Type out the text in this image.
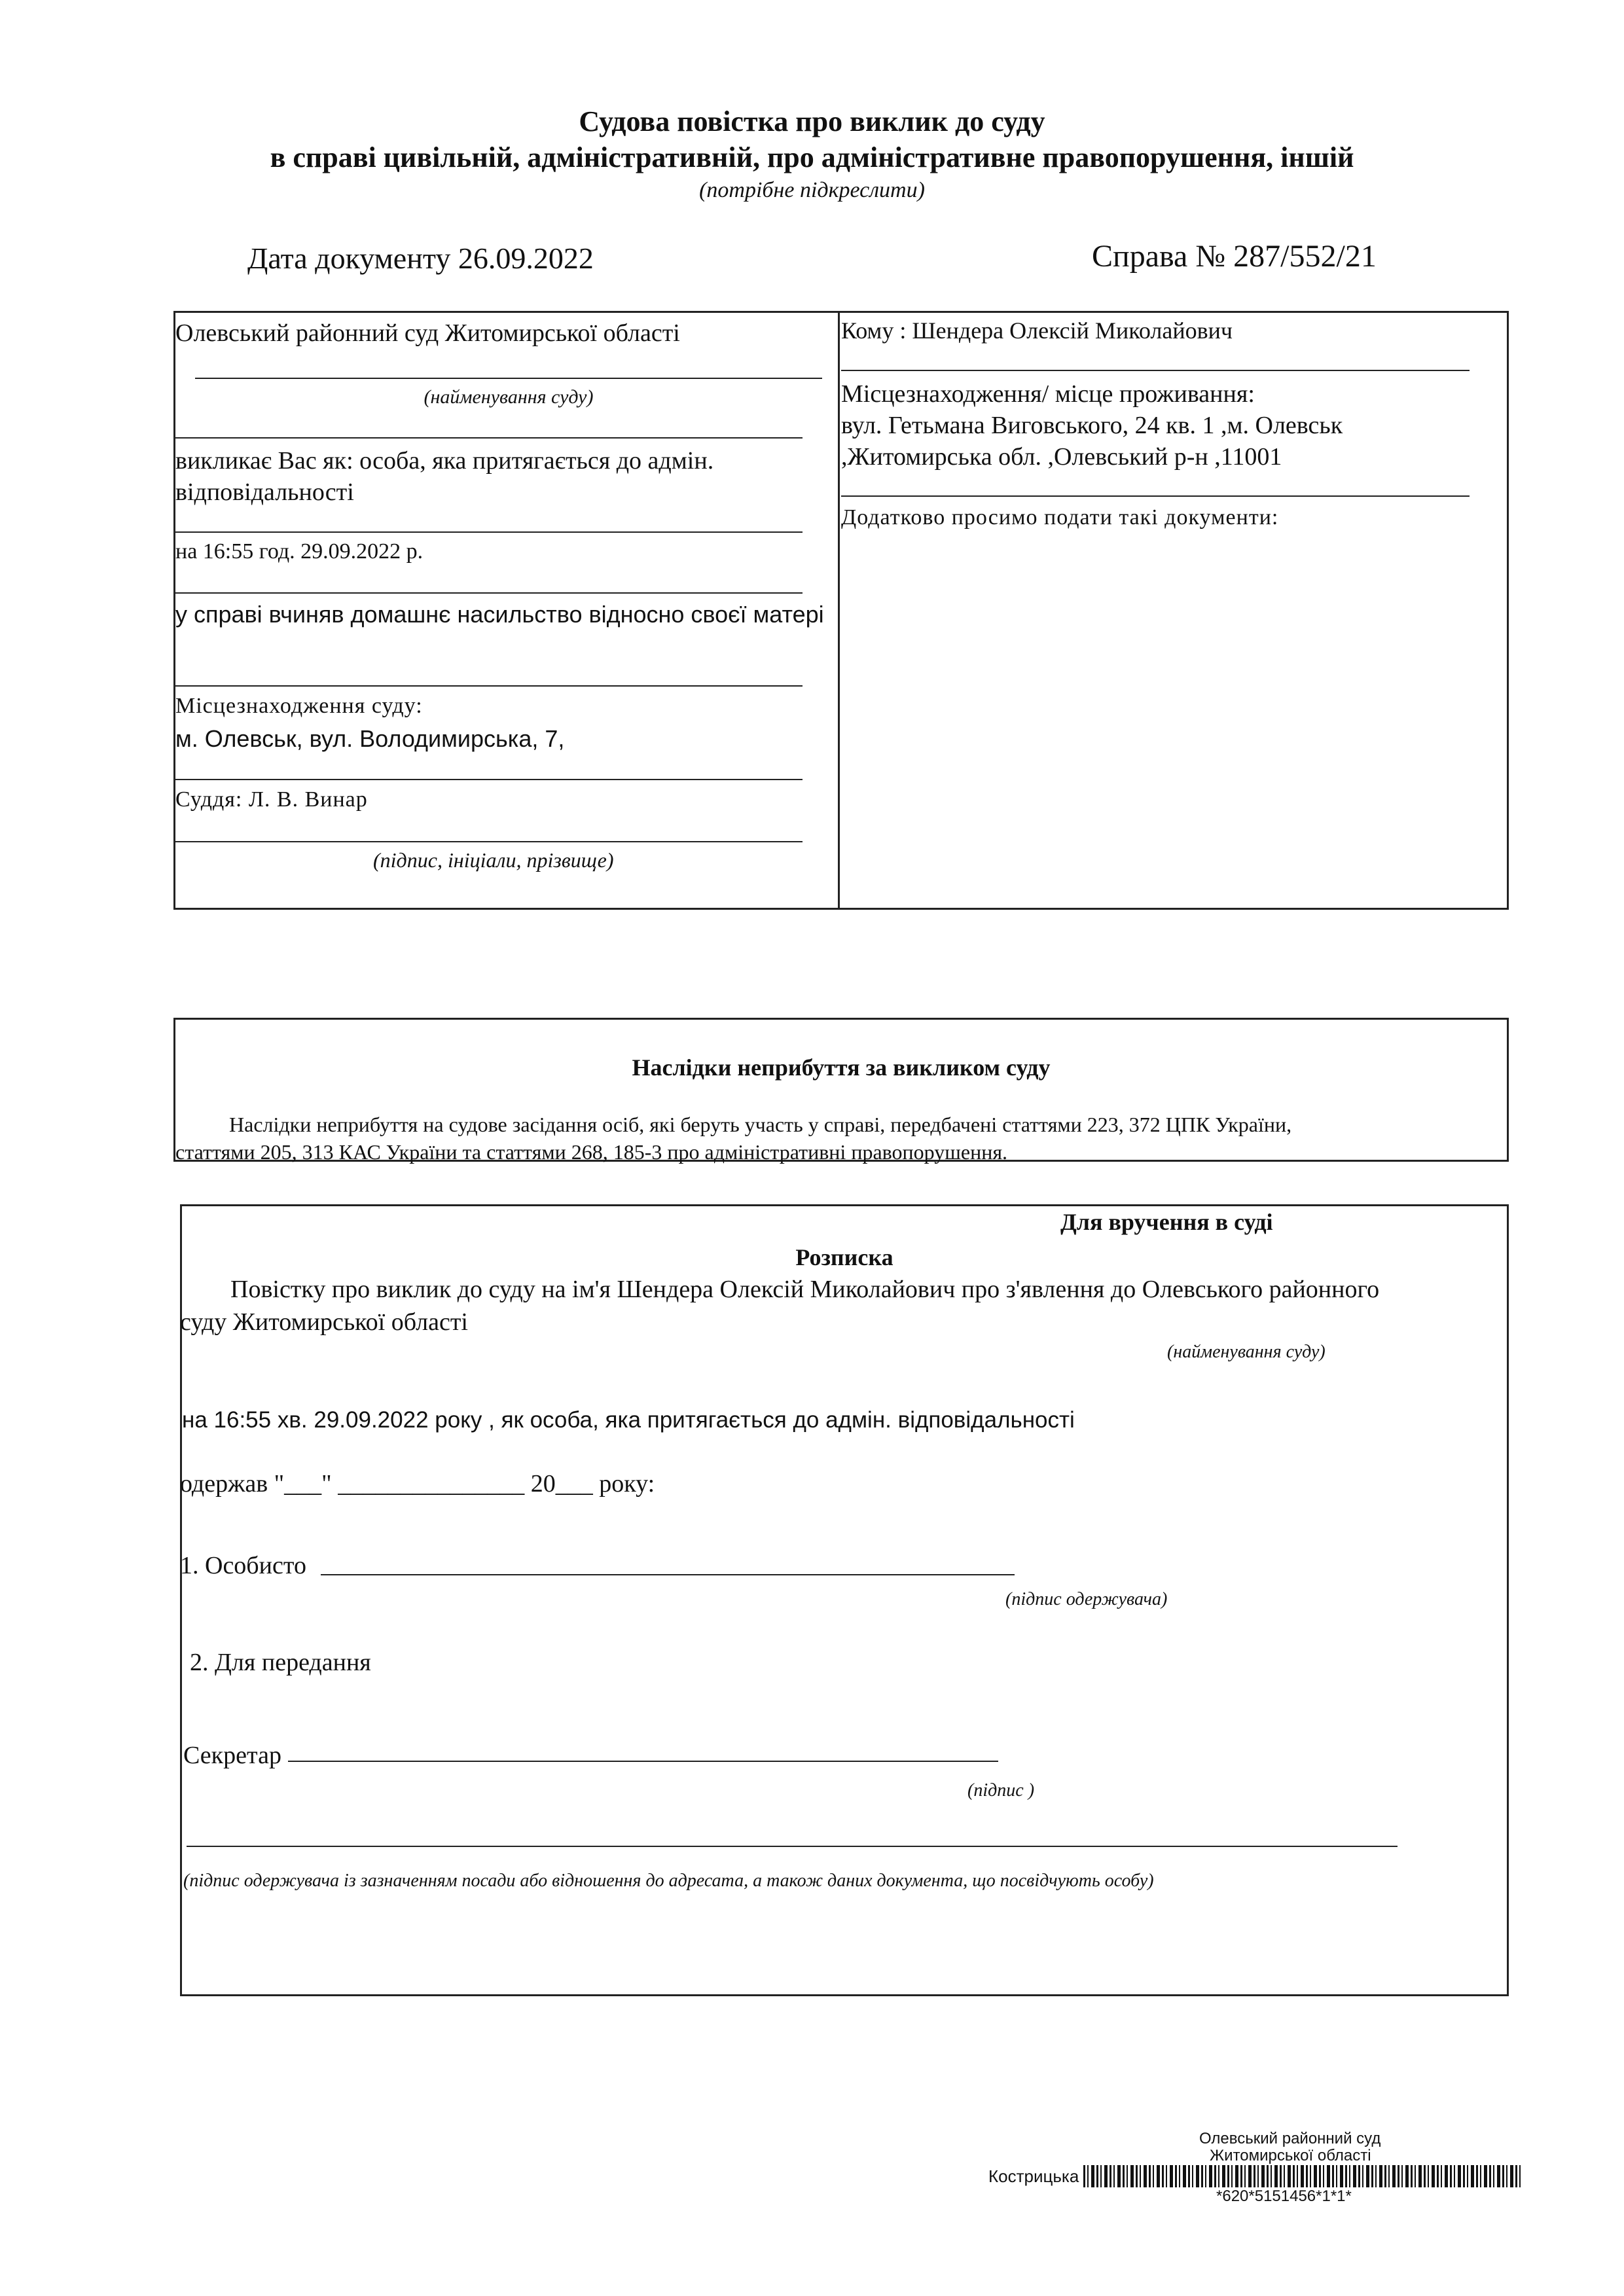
Судова повістка про виклик до суду
в справі цивільній, адміністративній, про адміністративне правопорушення, іншій
(потрібне підкреслити)
Дата документу 26.09.2022	Справа № 287/552/21
Олевський районний суд Житомирської області
(найменування суду)
викликає Вас як: особа, яка притягається до адмін.
відповідальності
на 16:55 год. 29.09.2022 р.
у справі вчиняв домашнє насильство відносно своєї матері
Місцезнаходження суду:
м. Олевськ, вул. Володимирська, 7,
Суддя: Л. В. Винар
(підпис, ініціали, прізвище)
Кому : Шендера Олексій Миколайович
Місцезнаходження/ місце проживання:
вул. Гетьмана Виговського, 24 кв. 1 ,м. Олевськ
,Житомирська обл. ,Олевський р-н ,11001
Додатково просимо подати такі документи:
Наслідки неприбуття за викликом суду
Наслідки неприбуття на судове засідання осіб, які беруть участь у справі, передбачені статтями 223, 372 ЦПК України,
статтями 205, 313 КАС України та статтями 268, 185-3 про адміністративні правопорушення.
Для вручення в суді
Розписка
Повістку про виклик до суду на ім'я Шендера Олексій Миколайович про з'явлення до Олевського районного
суду Житомирської області
(найменування суду)
на 16:55 хв. 29.09.2022 року , як особа, яка притягається до адмін. відповідальності
одержав "___" _______________ 20___ року:
1. Особисто
(підпис одержувача)
2. Для передання
Секретар
(підпис )
(підпис одержувача із зазначенням посади або відношення до адресата, а також даних документа, що посвідчують особу)
Олевський районний суд
Житомирської області
Кострицька
*620*5151456*1*1*
